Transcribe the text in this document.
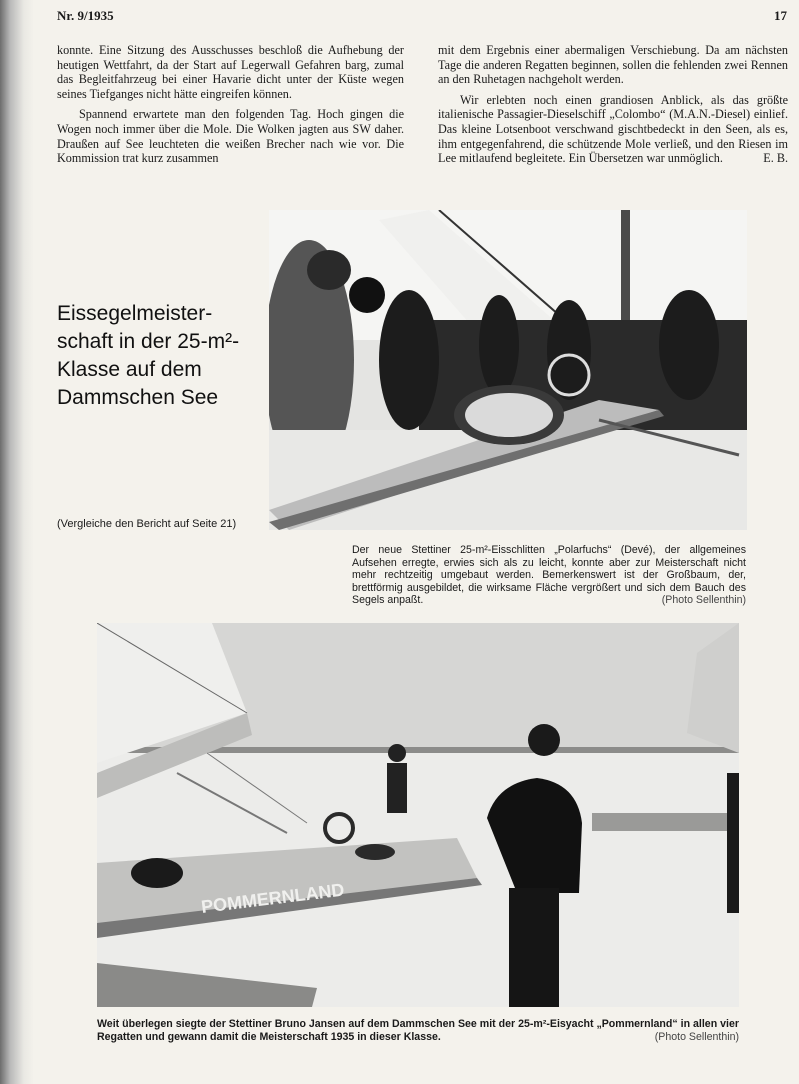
Nr. 9/1935	17

konnte. Eine Sitzung des Ausschusses beschloß die Aufhebung der heutigen Wettfahrt, da der Start auf Legerwall Gefahren barg, zumal das Begleitfahrzeug bei einer Havarie dicht unter der Küste wegen seines Tiefganges nicht hätte eingreifen können.

Spannend erwartete man den folgenden Tag. Hoch gingen die Wogen noch immer über die Mole. Die Wolken jagten aus SW daher. Draußen auf See leuchteten die weißen Brecher nach wie vor. Die Kommission trat kurz zusammen

mit dem Ergebnis einer abermaligen Verschiebung. Da am nächsten Tage die anderen Regatten beginnen, sollen die fehlenden zwei Rennen an den Ruhetagen nachgeholt werden.

Wir erlebten noch einen grandiosen Anblick, als das größte italienische Passagier-Dieselschiff „Colombo“ (M.A.N.-Diesel) einlief. Das kleine Lotsenboot verschwand gischtbedeckt in den Seen, als es, ihm entgegenfahrend, die schützende Mole verließ, und den Riesen im Lee mitlaufend begleitete. Ein Übersetzen war unmöglich.	E. B.

Eissegelmeister-schaft in der 25-m²-Klasse auf dem Dammschen See
(Vergleiche den Bericht auf Seite 21)
Der neue Stettiner 25-m²-Eisschlitten „Polarfuchs“ (Devé), der allgemeines Aufsehen erregte, erwies sich als zu leicht, konnte aber zur Meisterschaft nicht mehr rechtzeitig umgebaut werden. Bemerkenswert ist der Großbaum, der, brettförmig ausgebildet, die wirksame Fläche vergrößert und sich dem Bauch des Segels anpaßt.	(Photo Sellenthin)
POMMERNLAND
Weit überlegen siegte der Stettiner Bruno Jansen auf dem Dammschen See mit der 25-m²-Eisyacht „Pommernland“ in allen vier Regatten und gewann damit die Meisterschaft 1935 in dieser Klasse.	(Photo Sellenthin)
